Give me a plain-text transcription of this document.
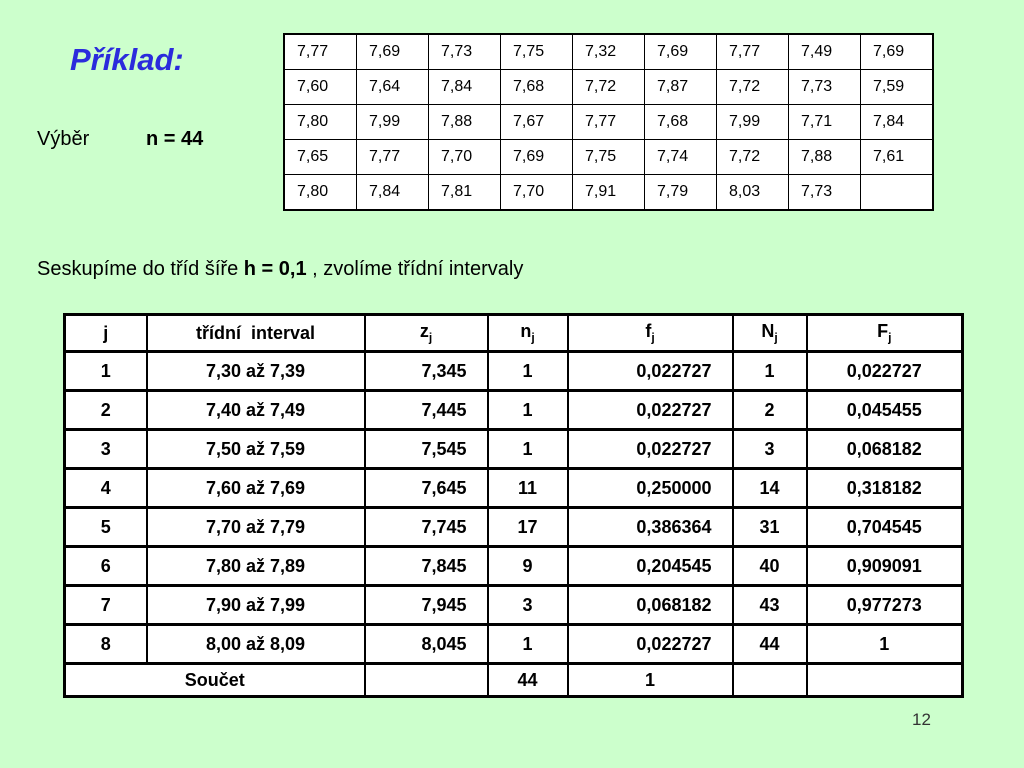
Příklad:
Výběr	n = 44
7,77	7,69	7,73	7,75	7,32	7,69	7,77	7,49	7,69
7,60	7,64	7,84	7,68	7,72	7,87	7,72	7,73	7,59
7,80	7,99	7,88	7,67	7,77	7,68	7,99	7,71	7,84
7,65	7,77	7,70	7,69	7,75	7,74	7,72	7,88	7,61
7,80	7,84	7,81	7,70	7,91	7,79	8,03	7,73	
Seskupíme do tříd šíře h = 0,1 , zvolíme třídní intervaly
j	třídní  interval	$z_j$	$n_j$	$f_j$	$N_j$	$F_j$
1	7,30 až 7,39	7,345	1	0,022727	1	0,022727
2	7,40 až 7,49	7,445	1	0,022727	2	0,045455
3	7,50 až 7,59	7,545	1	0,022727	3	0,068182
4	7,60 až 7,69	7,645	11	0,250000	14	0,318182
5	7,70 až 7,79	7,745	17	0,386364	31	0,704545
6	7,80 až 7,89	7,845	9	0,204545	40	0,909091
7	7,90 až 7,99	7,945	3	0,068182	43	0,977273
8	8,00 až 8,09	8,045	1	0,022727	44	1
Součet			44	1		
12
